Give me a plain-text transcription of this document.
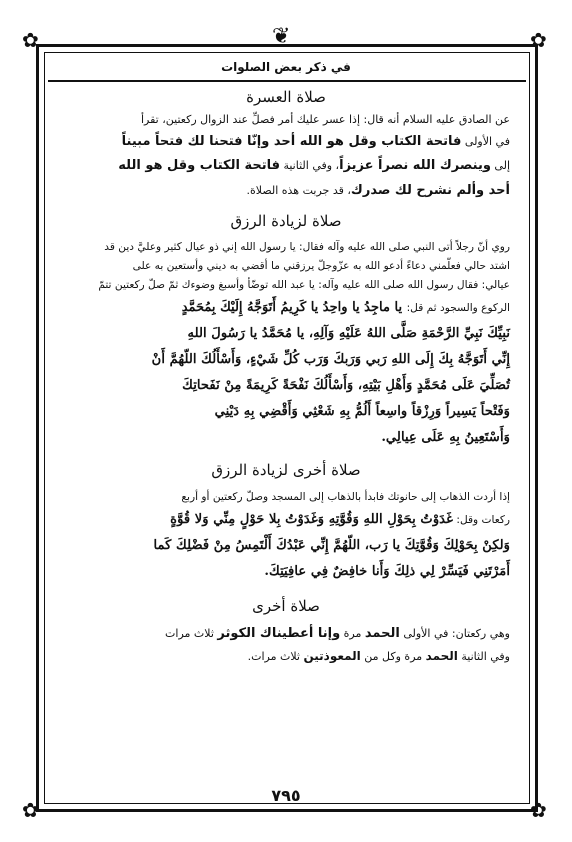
❦
✿	✿
✿	✿
في ذكر بعض الصلوات
صلاة العسرة

عن الصادق عليه السلام أنه قال: إذا عسر عليك أمر فصلِّ عند الزوال ركعتين، تقرأ

في الأولى فاتحة الكتاب وقل هو الله أحد وإنّا فتحنا لك فتحاً مبيناً

إلى وينصرك الله نصراً عزيزاً، وفي الثانية فاتحة الكتاب وقل هو الله

أحد وألم نشرح لك صدرك، قد جربت هذه الصلاة.

صلاة لزيادة الرزق

روي أنّ رجلاً أتى النبي صلى الله عليه وآله فقال: يا رسول الله إني ذو عيال كثير وعليَّ دين قد

اشتد حالي فعلّمني دعاءً أدعو الله به عزّوجلّ يرزقني ما أقضي به ديني وأستعين به على

عيالي: فقال رسول الله صلى الله عليه وآله: يا عبد الله توضّأ وأسبغ وضوءك ثمّ صلّ ركعتين تتمّ

الركوع والسجود ثم قل: يا ماجِدُ يا واحِدُ يا كَرِيمُ أَتَوَجَّهُ إِلَيْكَ بِمُحَمَّدٍ

نَبِيِّكَ نَبِيِّ الرَّحْمَةِ صَلَّى اللهُ عَلَيْهِ وَآلِهِ، يا مُحَمَّدُ يا رَسُولَ اللهِ

إِنِّي أَتَوَجَّهُ بِكَ إِلَى اللهِ رَبي وَرَبكَ وَرَب كُلِّ شَيْءٍ، وَأَسْأَلُكَ اللّهُمَّ أَنْ

تُصَلِّيَ عَلَى مُحَمَّدٍ وَأَهْلِ بَيْتِهِ، وَأَسْأَلُكَ نَفْحَةً كَرِيمَةً مِنْ نَفَحاتِكَ

وَفَتْحاً يَسِيراً وَرِزْقاً واسِعاً أَلُمُّ بِهِ شَعْثِي وَأَقْضِي بِهِ دَيْنِي

وَأَسْتَعِينُ بِهِ عَلَى عِيالِي.

صلاة أخرى لزيادة الرزق

إذا أردت الذهاب إلى حانوتك فابدأ بالذهاب إلى المسجد وصلّ ركعتين أو أربع

ركعات وقل: غَدَوْتُ بِحَوْلِ اللهِ وَقُوَّتِهِ وَغَدَوْتُ بِلا حَوْلٍ مِنِّي وَلا قُوَّةٍ

وَلكِنْ بِحَوْلِكَ وَقُوَّتِكَ يا رَب، اللّهُمَّ إِنِّي عَبْدُكَ أَلْتَمِسُ مِنْ فَضْلِكَ كَما

أَمَرْتَنِي فَيَسِّرْ لِي ذلِكَ وَأَنا خافِضٌ فِي عافِيَتِكَ.

صلاة أخرى

وهي ركعتان: في الأولى الحمد مرة وإنا أعطيناك الكوثر ثلاث مرات

وفي الثانية الحمد مرة وكل من المعوذتين ثلاث مرات.

٧٩٥
